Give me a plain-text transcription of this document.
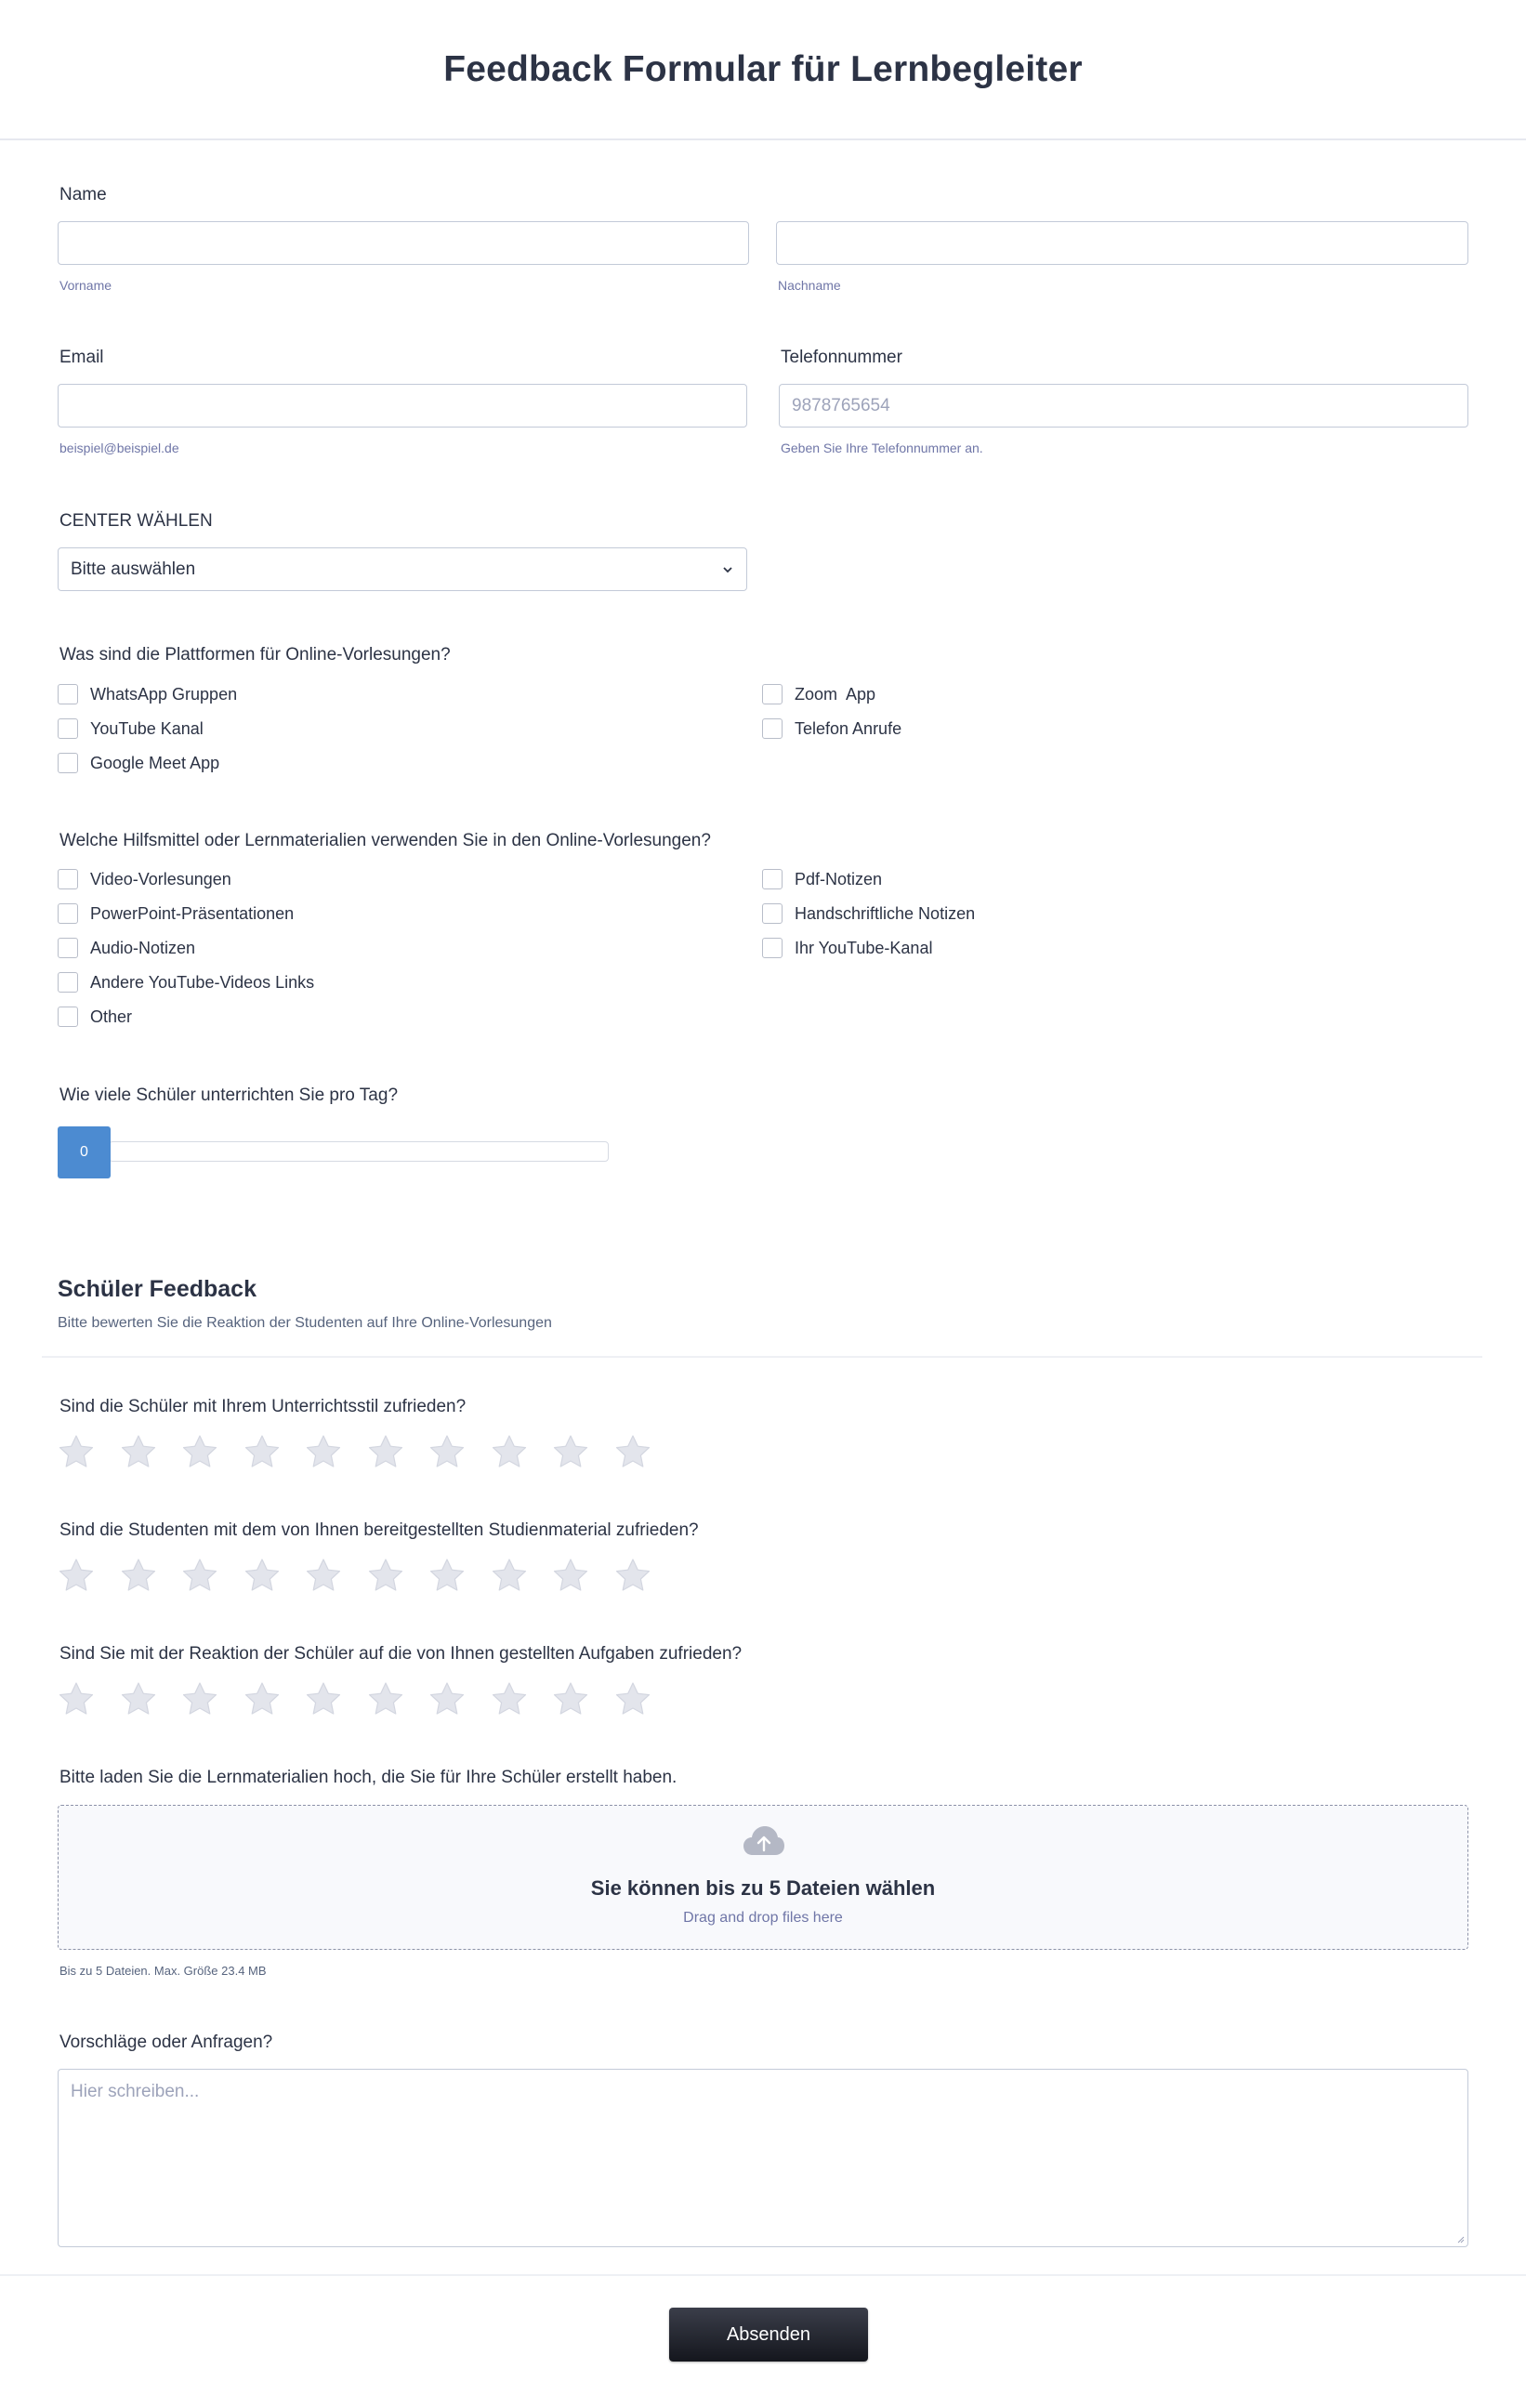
Feedback Formular für Lernbegleiter
Name
Vorname	Nachname
Email
beispiel@beispiel.de
Telefonnummer
9878765654
Geben Sie Ihre Telefonnummer an.
CENTER WÄHLEN
Bitte auswählen
Was sind die Plattformen für Online-Vorlesungen?
WhatsApp Gruppen
YouTube Kanal
Google Meet App
Zoom  App
Telefon Anrufe
Welche Hilfsmittel oder Lernmaterialien verwenden Sie in den Online-Vorlesungen?
Video-Vorlesungen
PowerPoint-Präsentationen
Audio-Notizen
Andere YouTube-Videos Links
Other
Pdf-Notizen
Handschriftliche Notizen
Ihr YouTube-Kanal
Wie viele Schüler unterrichten Sie pro Tag?
0
Schüler Feedback
Bitte bewerten Sie die Reaktion der Studenten auf Ihre Online-Vorlesungen
Sind die Schüler mit Ihrem Unterrichtsstil zufrieden?
Sind die Studenten mit dem von Ihnen bereitgestellten Studienmaterial zufrieden?
Sind Sie mit der Reaktion der Schüler auf die von Ihnen gestellten Aufgaben zufrieden?
Bitte laden Sie die Lernmaterialien hoch, die Sie für Ihre Schüler erstellt haben.
Sie können bis zu 5 Dateien wählen
Drag and drop files here
Bis zu 5 Dateien. Max. Größe 23.4 MB
Vorschläge oder Anfragen?
Hier schreiben...
Absenden
